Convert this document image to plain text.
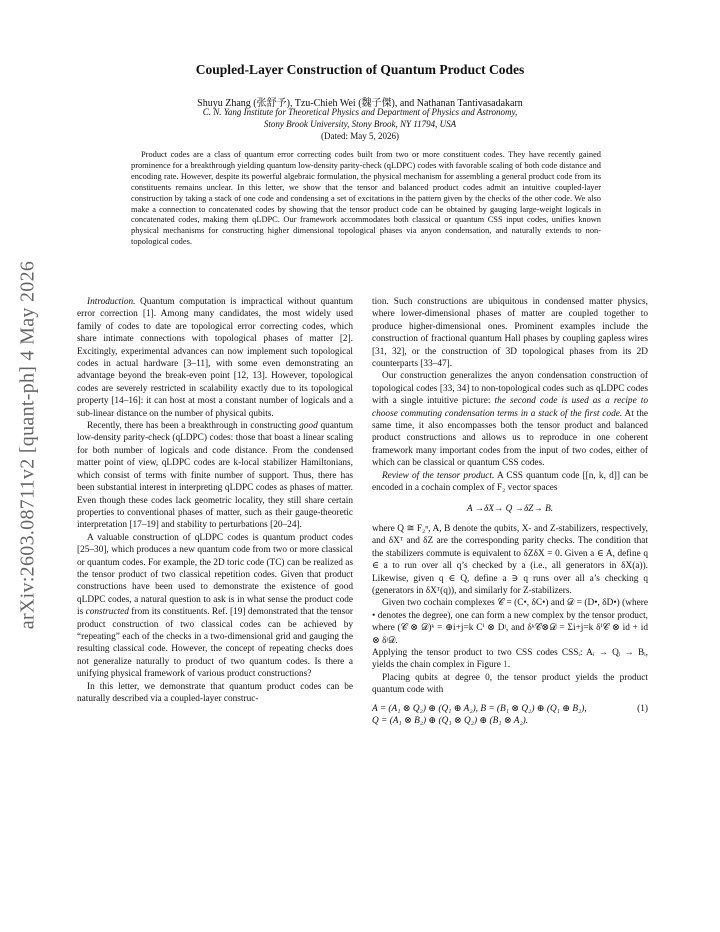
arXiv:2603.08711v2 [quant-ph] 4 May 2026
Coupled-Layer Construction of Quantum Product Codes
Shuyu Zhang (张舒予), Tzu-Chieh Wei (魏子傑), and Nathanan Tantivasadakarn
C. N. Yang Institute for Theoretical Physics and Department of Physics and Astronomy,
Stony Brook University, Stony Brook, NY 11794, USA
(Dated: May 5, 2026)
Product codes are a class of quantum error correcting codes built from two or more constituent codes. They have recently gained prominence for a breakthrough yielding quantum low-density parity-check (qLDPC) codes with favorable scaling of both code distance and encoding rate. However, despite its powerful algebraic formulation, the physical mechanism for assembling a general product code from its constituents remains unclear. In this letter, we show that the tensor and balanced product codes admit an intuitive coupled-layer construction by taking a stack of one code and condensing a set of excitations in the pattern given by the checks of the other code. We also make a connection to concatenated codes by showing that the tensor product code can be obtained by gauging large-weight logicals in concatenated codes, making them qLDPC. Our framework accommodates both classical or quantum CSS input codes, unifies known physical mechanisms for constructing higher dimensional topological phases via anyon condensation, and naturally extends to non-topological codes.

Introduction. Quantum computation is impractical without quantum error correction [1]. Among many candidates, the most widely used family of codes to date are topological error correcting codes, which share intimate connections with topological phases of matter [2]. Excitingly, experimental advances can now implement such topological codes in actual hardware [3–11], with some even demonstrating an advantage beyond the break-even point [12, 13]. However, topological codes are severely restricted in scalability exactly due to its topological property [14–16]: it can host at most a constant number of logicals and a sub-linear distance on the number of physical qubits.

Recently, there has been a breakthrough in constructing good quantum low-density parity-check (qLDPC) codes: those that boast a linear scaling for both number of logicals and code distance. From the condensed matter point of view, qLDPC codes are k-local stabilizer Hamiltonians, which consist of terms with finite number of support. Thus, there has been substantial interest in interpreting qLDPC codes as phases of matter. Even though these codes lack geometric locality, they still share certain properties to conventional phases of matter, such as their gauge-theoretic interpretation [17–19] and stability to perturbations [20–24].

A valuable construction of qLDPC codes is quantum product codes [25–30], which produces a new quantum code from two or more classical or quantum codes. For example, the 2D toric code (TC) can be realized as the tensor product of two classical repetition codes. Given that product constructions have been used to demonstrate the existence of good qLDPC codes, a natural question to ask is in what sense the product code is constructed from its constituents. Ref. [19] demonstrated that the tensor product construction of two classical codes can be achieved by “repeating” each of the checks in a two-dimensional grid and gauging the resulting classical code. However, the concept of repeating checks does not generalize naturally to product of two quantum codes. Is there a unifying physical framework of various product constructions?

In this letter, we demonstrate that quantum product codes can be naturally described via a coupled-layer construc-

tion. Such constructions are ubiquitous in condensed matter physics, where lower-dimensional phases of matter are coupled together to produce higher-dimensional ones. Prominent examples include the construction of fractional quantum Hall phases by coupling gapless wires [31, 32], or the construction of 3D topological phases from its 2D counterparts [33–47].

Our construction generalizes the anyon condensation construction of topological codes [33, 34] to non-topological codes such as qLDPC codes with a single intuitive picture: the second code is used as a recipe to choose commuting condensation terms in a stack of the first code. At the same time, it also encompasses both the tensor product and balanced product constructions and allows us to reproduce in one coherent framework many important codes from the input of two codes, either of which can be classical or quantum CSS codes.

Review of the tensor product. A CSS quantum code [[n, k, d]] can be encoded in a cochain complex of F₂ vector spaces

A →δX→ Q →δZ→ B.

where Q ≅ F₂ⁿ, A, B denote the qubits, X- and Z-stabilizers, respectively, and δXᵀ and δZ are the corresponding parity checks. The condition that the stabilizers commute is equivalent to δZδX = 0. Given a ∈ A, define q ∈ a to run over all q’s checked by a (i.e., all generators in δX(a)). Likewise, given q ∈ Q, define a ∋ q runs over all a’s checking q (generators in δXᵀ(q)), and similarly for Z-stabilizers.

Given two cochain complexes 𝒞 = (C•, δC•) and 𝒟 = (D•, δD•) (where • denotes the degree), one can form a new complex by the tensor product, where (𝒞 ⊗ 𝒟)ᵏ = ⊕i+j=k Cⁱ ⊗ Dʲ, and δᵏ𝒞⊗𝒟 = Σi+j=k δⁱ𝒞 ⊗ id + id ⊗ δʲ𝒟.

Applying the tensor product to two CSS codes CSSᵢ: Aᵢ → Qᵢ → Bᵢ, yields the chain complex in Figure 1.

Placing qubits at degree 0, the tensor product yields the product quantum code with

A = (A₁ ⊗ Q₂) ⊕ (Q₁ ⊕ A₂), B = (B₁ ⊗ Q₂) ⊕ (Q₁ ⊕ B₂),
Q = (A₁ ⊗ B₂) ⊕ (Q₁ ⊗ Q₂) ⊕ (B₁ ⊗ A₂).
(1)
